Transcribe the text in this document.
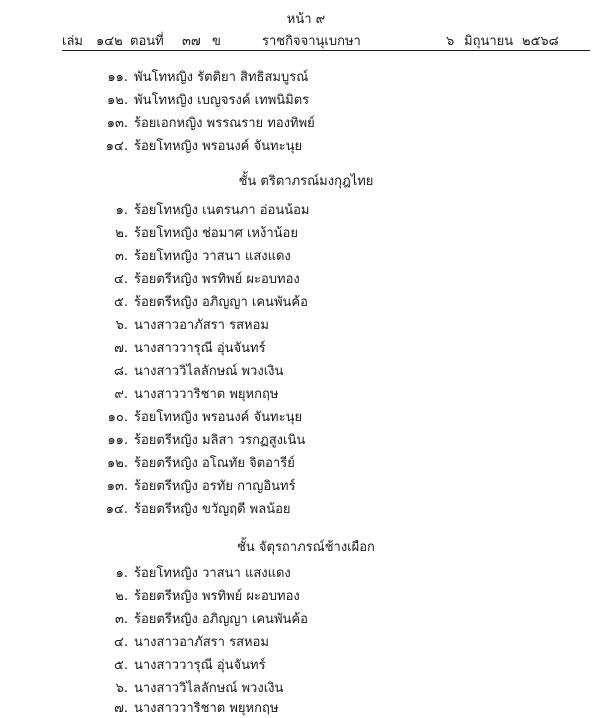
หน้า ๙
เล่ม ๑๔๒ ตอนที่ ๓๗ ข	ราชกิจจานุเบกษา	๖ มิถุนายน ๒๕๖๘
๑๑. พันโทหญิง รัตติยา สิทธิสมบูรณ์
๑๒. พันโทหญิง เบญจรงค์ เทพนิมิตร
๑๓. ร้อยเอกหญิง พรรณราย ทองทิพย์
๑๔. ร้อยโทหญิง พรอนงค์ จันทะนุย
ชั้น ตริตาภรณ์มงกุฎไทย
๑. ร้อยโทหญิง เนตรนภา อ่อนน้อม
๒. ร้อยโทหญิง ช่อมาศ เหง้าน้อย
๓. ร้อยโทหญิง วาสนา แสงแดง
๔. ร้อยตรีหญิง พรทิพย์ ผะอบทอง
๕. ร้อยตรีหญิง อภิญญา เคนพันค้อ
๖. นางสาวอาภัสรา รสหอม
๗. นางสาววารุณี อุ่นจันทร์
๘. นางสาววิไลลักษณ์ พวงเงิน
๙. นางสาววาริชาต พยุหกฤษ
๑๐. ร้อยโทหญิง พรอนงค์ จันทะนุย
๑๑. ร้อยตรีหญิง มลิสา วรกฏสูงเนิน
๑๒. ร้อยตรีหญิง อโณทัย จิตอารีย์
๑๓. ร้อยตรีหญิง อรทัย กาญอินทร์
๑๔. ร้อยตรีหญิง ขวัญฤดี พลน้อย
ชั้น จัตุรถาภรณ์ช้างเผือก
๑. ร้อยโทหญิง วาสนา แสงแดง
๒. ร้อยตรีหญิง พรทิพย์ ผะอบทอง
๓. ร้อยตรีหญิง อภิญญา เคนพันค้อ
๔. นางสาวอาภัสรา รสหอม
๕. นางสาววารุณี อุ่นจันทร์
๖. นางสาววิไลลักษณ์ พวงเงิน
๗. นางสาววาริชาต พยุหกฤษ
